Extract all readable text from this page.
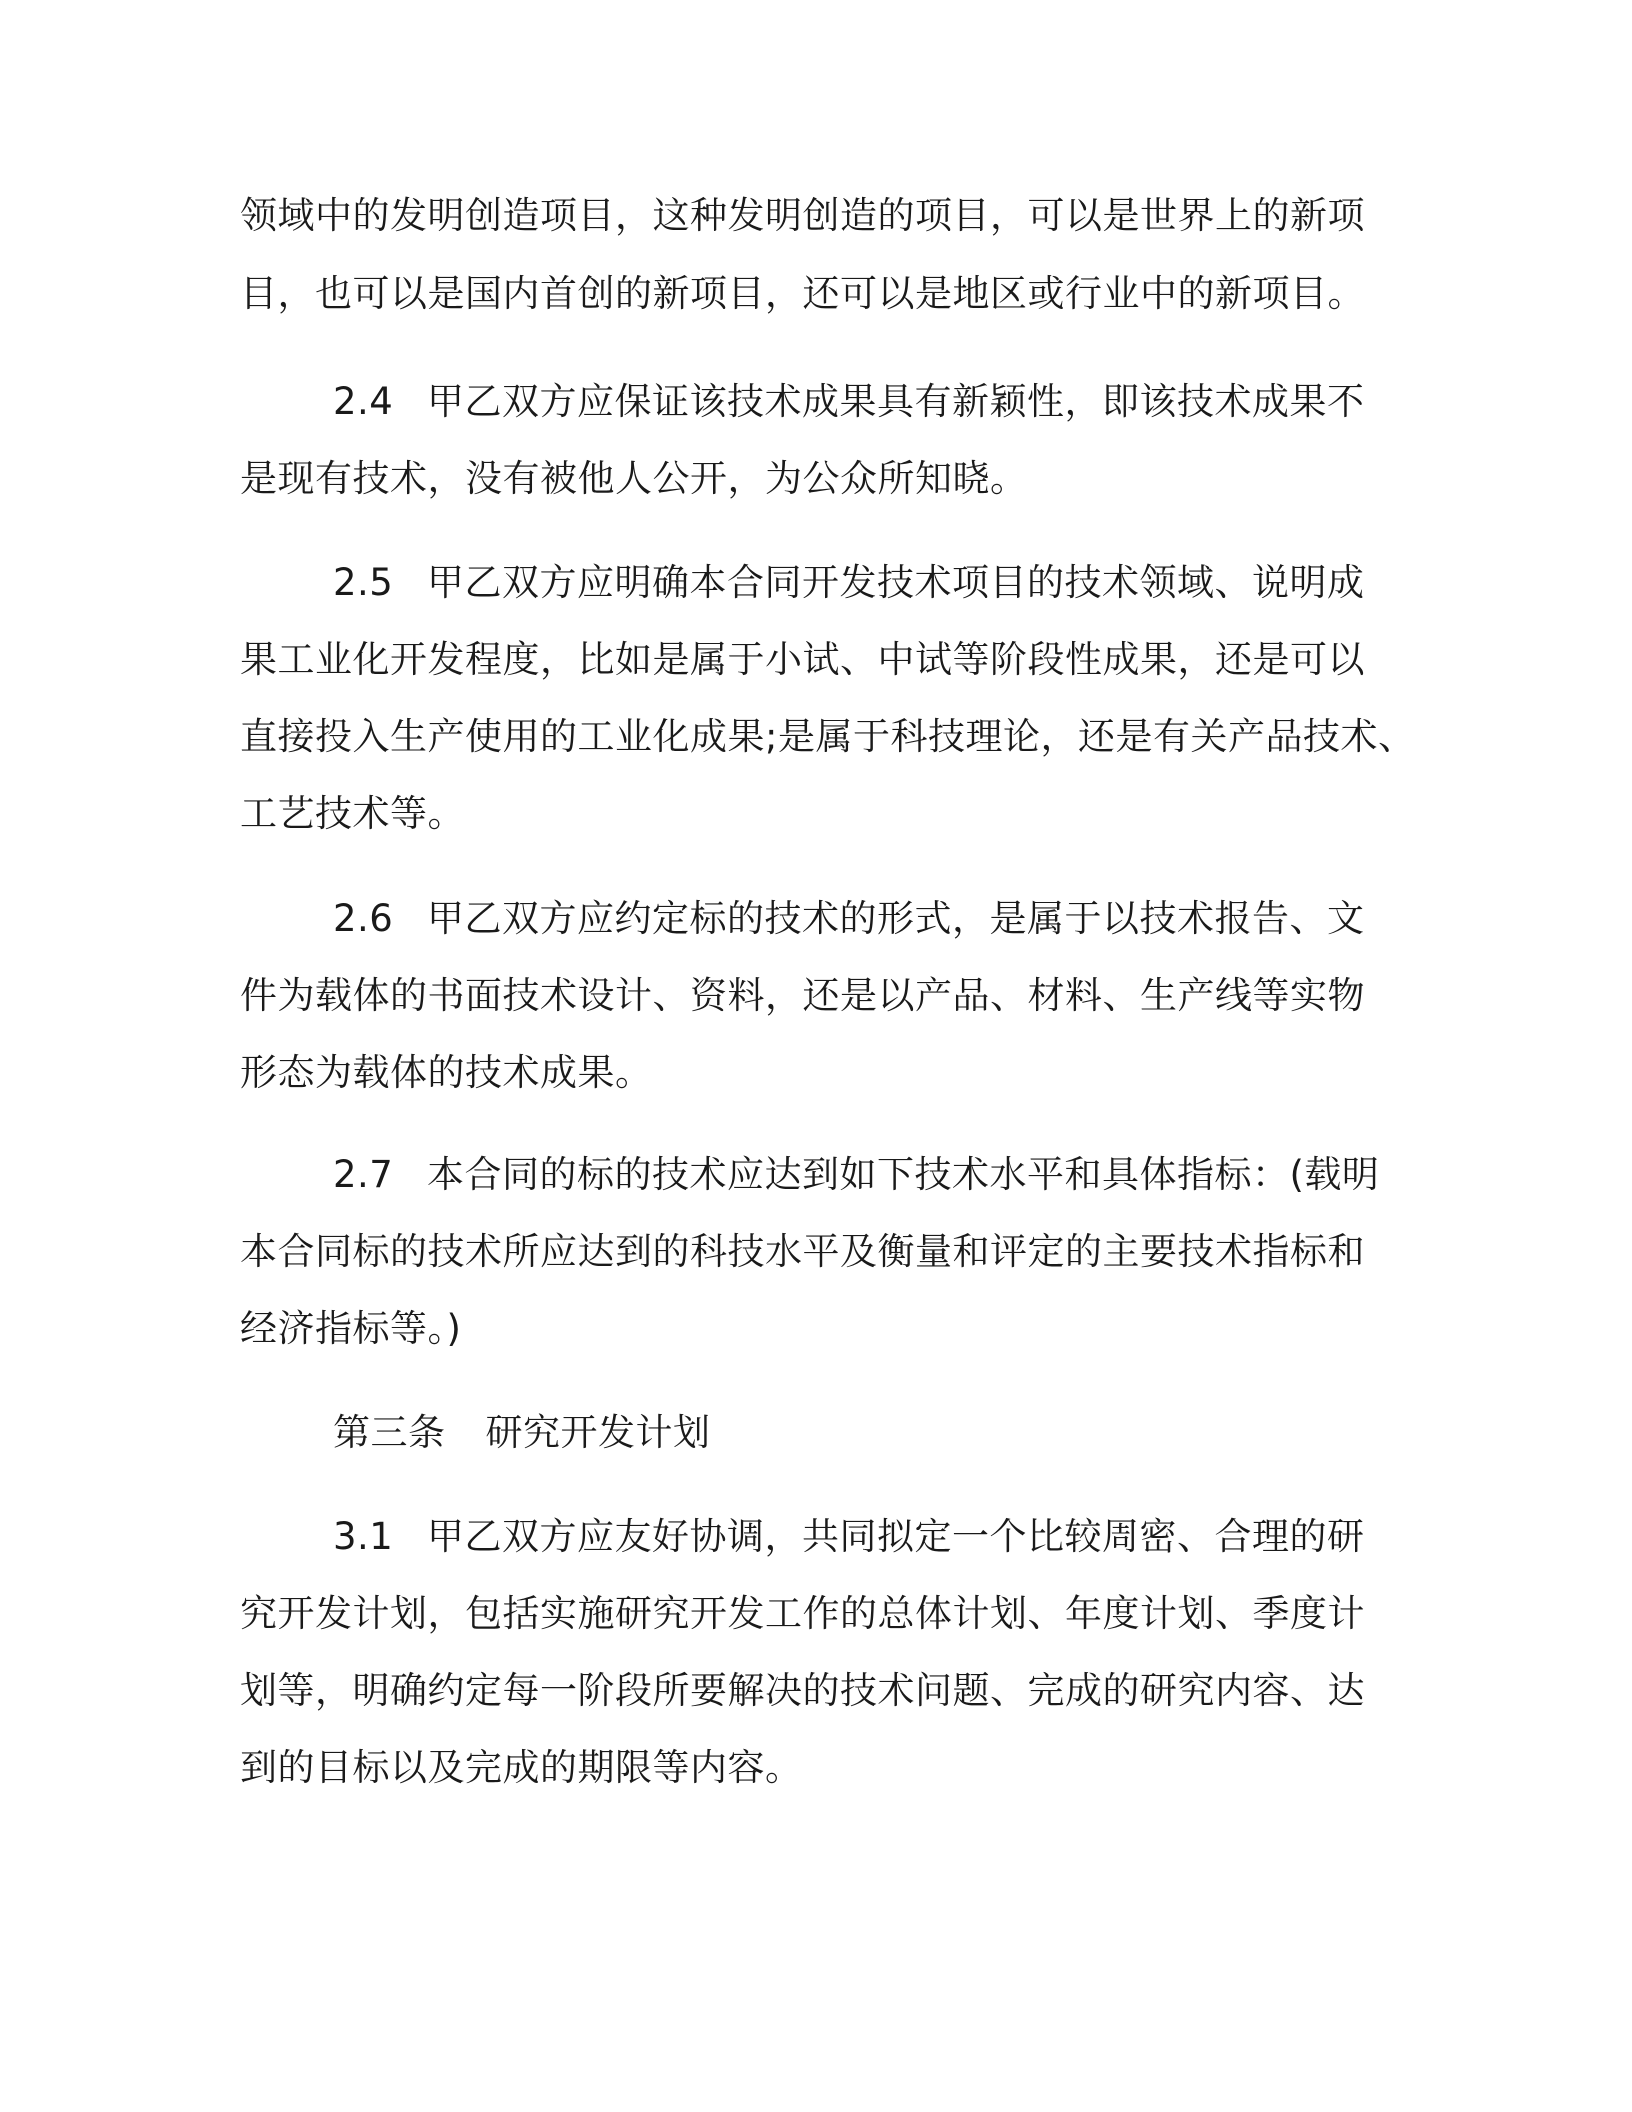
领域中的发明创造项目，这种发明创造的项目，可以是世界上的新项
目，也可以是国内首创的新项目，还可以是地区或行业中的新项目。
2.4 甲乙双方应保证该技术成果具有新颖性，即该技术成果不
是现有技术，没有被他人公开，为公众所知晓。
2.5 甲乙双方应明确本合同开发技术项目的技术领域、说明成
果工业化开发程度，比如是属于小试、中试等阶段性成果，还是可以
直接投入生产使用的工业化成果;是属于科技理论，还是有关产品技术、
工艺技术等。
2.6 甲乙双方应约定标的技术的形式，是属于以技术报告、文
件为载体的书面技术设计、资料，还是以产品、材料、生产线等实物
形态为载体的技术成果。
2.7 本合同的标的技术应达到如下技术水平和具体指标：(载明
本合同标的技术所应达到的科技水平及衡量和评定的主要技术指标和
经济指标等。)
第三条 研究开发计划
3.1 甲乙双方应友好协调，共同拟定一个比较周密、合理的研
究开发计划，包括实施研究开发工作的总体计划、年度计划、季度计
划等，明确约定每一阶段所要解决的技术问题、完成的研究内容、达
到的目标以及完成的期限等内容。
